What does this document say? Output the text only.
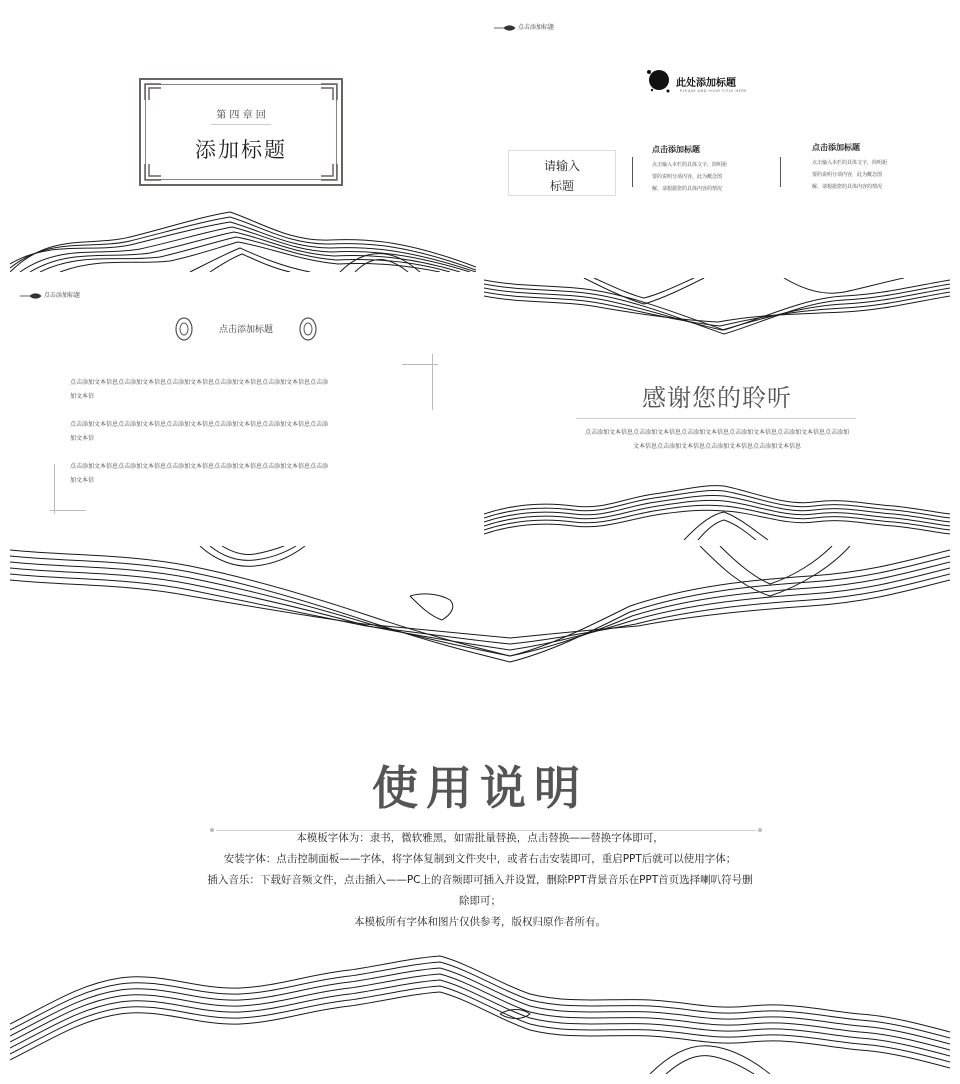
第 四 章 回
添加标题
点击添加标题
此处添加标题
PLEASE ADD YOUR TITLE HERE
请输入
标题
点击添加标题
点击输入本栏的具体文字，简明扼
要的说明分项内容，此为概念图
解，请根据您的具体内容的情况
点击添加标题
点击输入本栏的具体文字，简明扼
要的说明分项内容，此为概念图
解，请根据您的具体内容的情况
点击添加标题
点击添加标题
点击添加文本信息点击添加文本信息点击添加文本信息点击添加文本信息点击添加文本信息点击添
加文本信
点击添加文本信息点击添加文本信息点击添加文本信息点击添加文本信息点击添加文本信息点击添
加文本信
点击添加文本信息点击添加文本信息点击添加文本信息点击添加文本信息点击添加文本信息点击添
加文本信
感谢您的聆听
点击添加文本信息点击添加文本信息点击添加文本信息点击添加文本信息点击添加文本信息点击添加
文本信息点击添加文本信息点击添加文本信息点击添加文本信息
使用说明
本模板字体为：隶书，微软雅黑，如需批量替换，点击替换——替换字体即可，
安装字体：点击控制面板——字体，将字体复制到文件夹中，或者右击安装即可，重启PPT后就可以使用字体；
插入音乐：下载好音频文件，点击插入——PC上的音频即可插入并设置，删除PPT背景音乐在PPT首页选择喇叭符号删
除即可；
本模板所有字体和图片仅供参考，版权归原作者所有。
